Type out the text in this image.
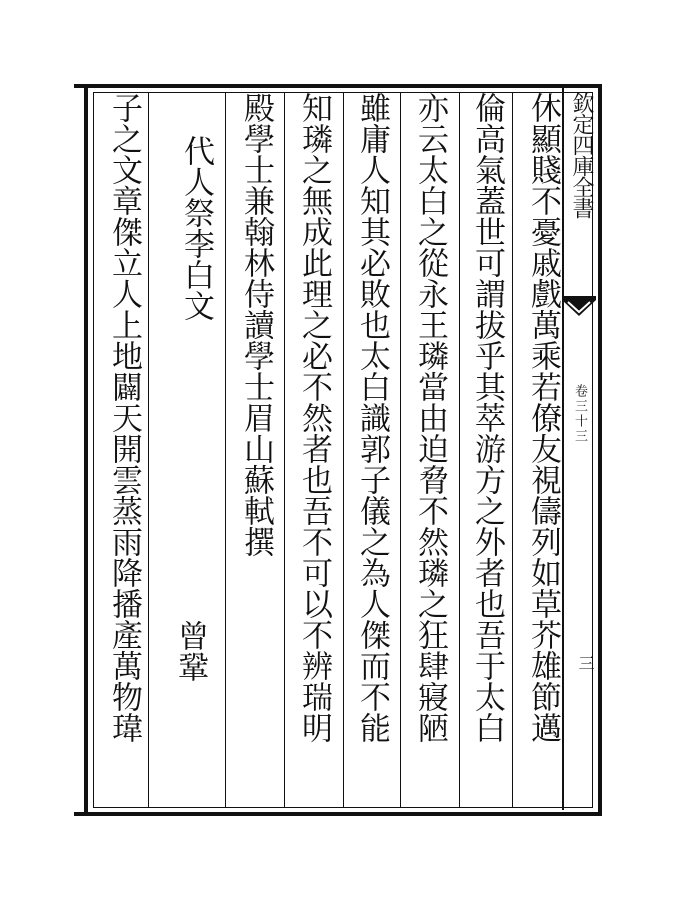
欽定四庫全書
卷三十三
三
休顯賤不憂戚戲萬乘若僚友視儔列如草芥雄節邁
倫高氣蓋世可謂拔乎其萃游方之外者也吾于太白
亦云太白之從永王璘當由迫脅不然璘之狂肆寢陋
雖庸人知其必敗也太白識郭子儀之為人傑而不能
知璘之無成此理之必不然者也吾不可以不辨瑞明
殿學士兼翰林侍讀學士眉山蘇軾撰
代人祭李白文
曾鞏
子之文章傑立人上地闢天開雲蒸雨降播產萬物瑋
